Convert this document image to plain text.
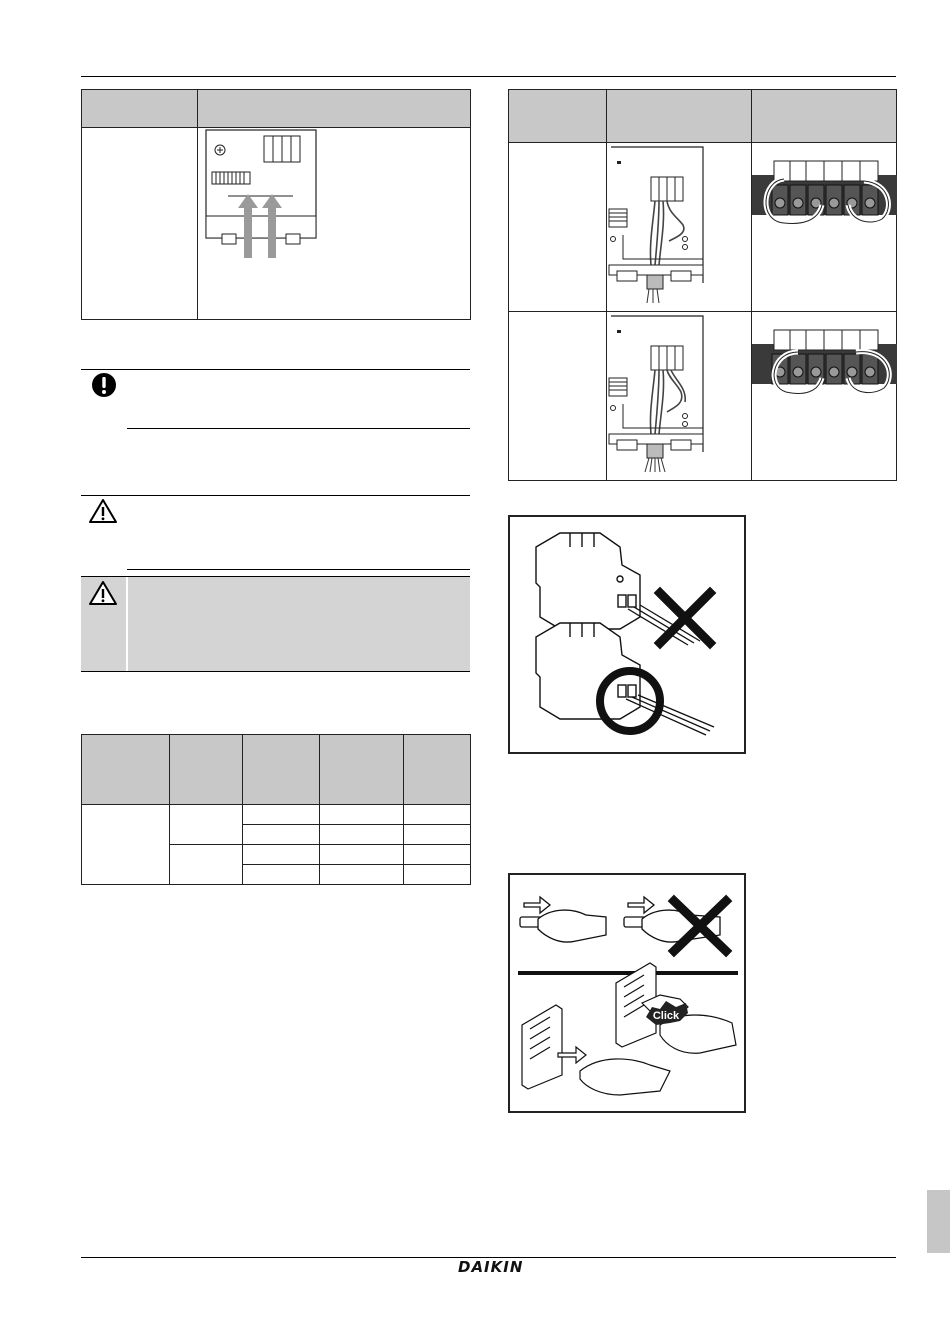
Click
DAIKIN
